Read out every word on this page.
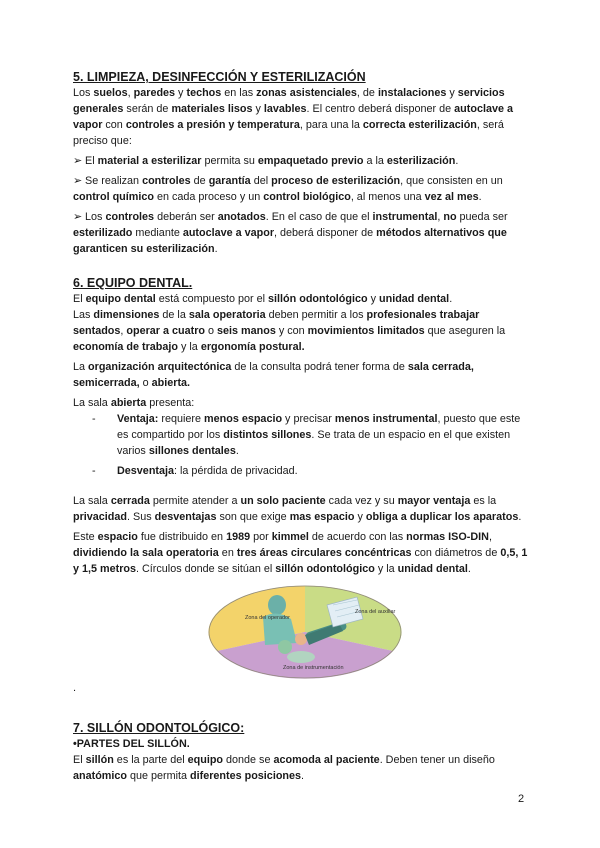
5. LIMPIEZA, DESINFECCIÓN Y ESTERILIZACIÓN

Los suelos, paredes y techos en las zonas asistenciales, de instalaciones y servicios generales serán de materiales lisos y lavables. El centro deberá disponer de autoclave a vapor con controles a presión y temperatura, para una la correcta esterilización, será preciso que:

➢ El material a esterilizar permita su empaquetado previo a la esterilización.

➢ Se realizan controles de garantía del proceso de esterilización, que consisten en un control químico en cada proceso y un control biológico, al menos una vez al mes.

➢ Los controles deberán ser anotados. En el caso de que el instrumental, no pueda ser esterilizado mediante autoclave a vapor, deberá disponer de métodos alternativos que garanticen su esterilización.

6. EQUIPO DENTAL.

El equipo dental está compuesto por el sillón odontológico y unidad dental.

Las dimensiones de la sala operatoria deben permitir a los profesionales trabajar sentados, operar a cuatro o seis manos y con movimientos limitados que aseguren la economía de trabajo y la ergonomía postural.

La organización arquitectónica de la consulta podrá tener forma de sala cerrada, semicerrada, o abierta.

La sala abierta presenta:

- Ventaja: requiere menos espacio y precisar menos instrumental, puesto que este es compartido por los distintos sillones. Se trata de un espacio en el que existen varios sillones dentales.
- Desventaja: la pérdida de privacidad.

La sala cerrada permite atender a un solo paciente cada vez y su mayor ventaja es la privacidad. Sus desventajas son que exige mas espacio y obliga a duplicar los aparatos.

Este espacio fue distribuido en 1989 por kimmel de acuerdo con las normas ISO-DIN, dividiendo la sala operatoria en tres áreas circulares concéntricas con diámetros de 0,5, 1 y 1,5 metros. Círculos donde se sitúan el sillón odontológico y la unidad dental.

Zona del operador
Zona del auxiliar
Zona de instrumentación

.

7. SILLÓN ODONTOLÓGICO:

•PARTES DEL SILLÓN.

El sillón es la parte del equipo donde se acomoda al paciente. Deben tener un diseño anatómico que permita diferentes posiciones.

2
